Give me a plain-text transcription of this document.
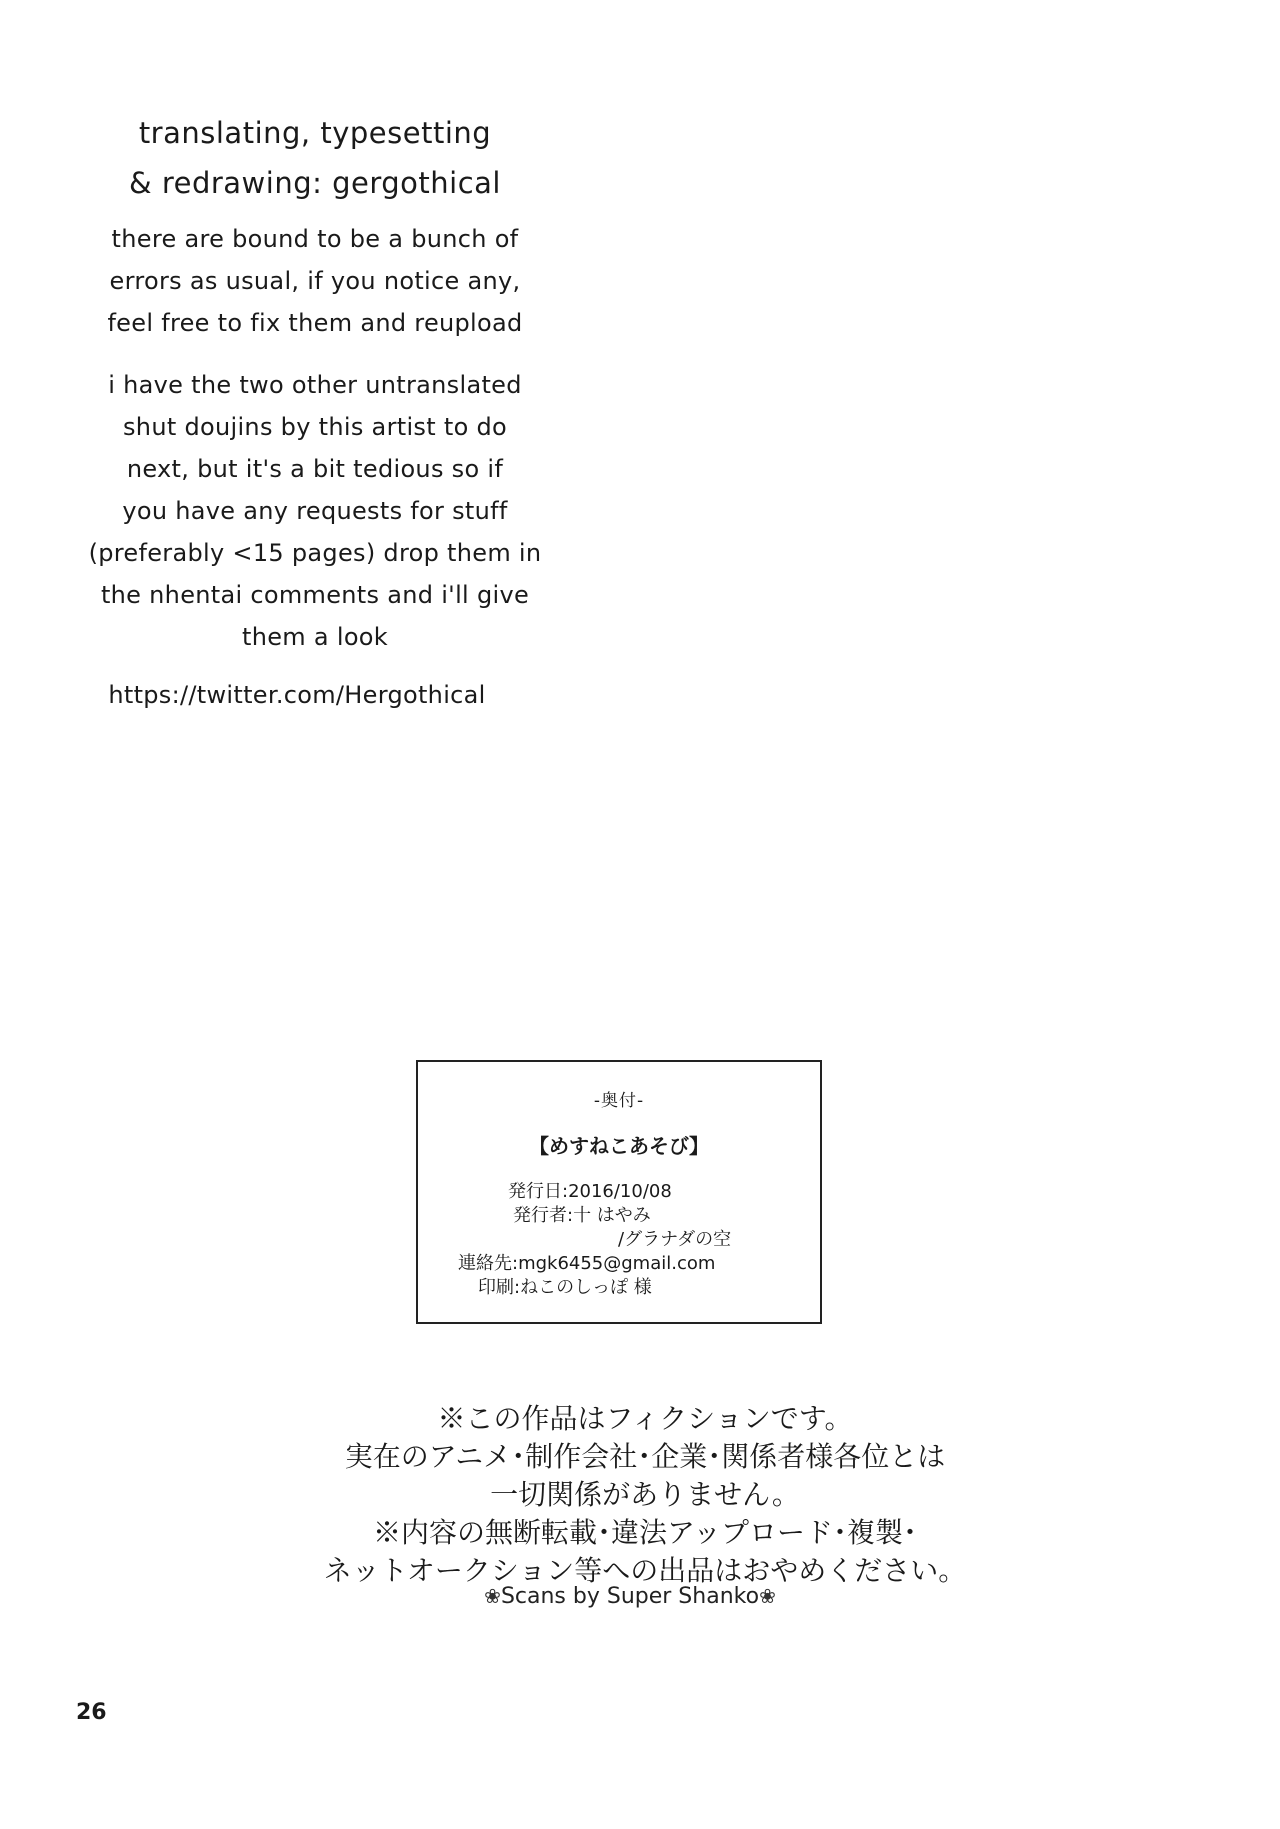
translating, typesetting

& redrawing: gergothical

there are bound to be a bunch of

errors as usual, if you notice any,

feel free to fix them and reupload

i have the two other untranslated

shut doujins by this artist to do

next, but it's a bit tedious so if

you have any requests for stuff

(preferably <15 pages) drop them in

the nhentai comments and i'll give

them a look

https://twitter.com/Hergothical
-奥付-
【めすねこあそび】
発行日:2016/10/08
発行者:十 はやみ
/グラナダの空
連絡先:mgk6455@gmail.com
印刷:ねこのしっぽ 様
※この作品はフィクションです。
実在のアニメ･制作会社･企業･関係者様各位とは
一切関係がありません。
※内容の無断転載･違法アップロード･複製･
ネットオークション等への出品はおやめください。
❀Scans by Super Shanko❀
26
